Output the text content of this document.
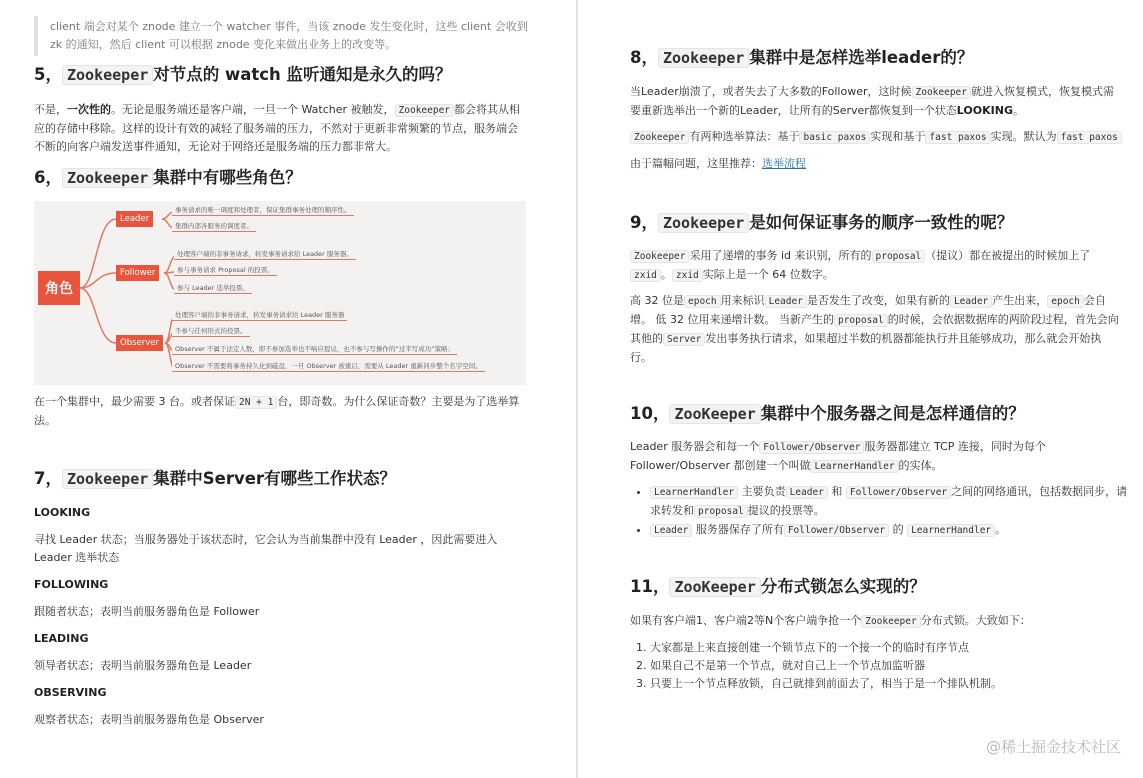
client 端会对某个 znode 建立一个 watcher 事件，当该 znode 发生变化时，这些 client 会收到 zk 的通知，然后 client 可以根据 znode 变化来做出业务上的改变等。
5， Zookeeper 对节点的 watch 监听通知是永久的吗？

不是，一次性的。无论是服务端还是客户端，一旦一个 Watcher 被触发， Zookeeper 都会将其从相应的存储中移除。这样的设计有效的减轻了服务端的压力，不然对于更新非常频繁的节点，服务端会不断的向客户端发送事件通知，无论对于网络还是服务端的压力都非常大。

6， Zookeeper 集群中有哪些角色？
角色
Leader
Follower
Observer
事务请求的唯一调度和处理者，保证集群事务处理的顺序性。
集群内部各服务的调度者。
处理客户端的非事务请求，转发事务请求给 Leader 服务器。
参与事务请求 Proposal 的投票。
参与 Leader 选举投票。
处理客户端的非事务请求，转发事务请求给 Leader 服务器
不参与任何形式的投票。
Observer 不属于法定人数，即不参加选举也不响应提议，也不参与写操作的“过半写成功”策略；
Observer 不需要将事务持久化到磁盘，一旦 Observer 被重启，需要从 Leader 重新同步整个名字空间。

在一个集群中，最少需要 3 台。或者保证 2N + 1 台，即奇数。为什么保证奇数？主要是为了选举算法。

7， Zookeeper 集群中Server有哪些工作状态？
LOOKING

寻找 Leader 状态；当服务器处于该状态时，它会认为当前集群中没有 Leader ，因此需要进入 Leader 选举状态

FOLLOWING

跟随者状态；表明当前服务器角色是 Follower

LEADING

领导者状态；表明当前服务器角色是 Leader

OBSERVING

观察者状态；表明当前服务器角色是 Observer

8， Zookeeper 集群中是怎样选举leader的？

当Leader崩溃了，或者失去了大多数的Follower，这时候 Zookeeper 就进入恢复模式，恢复模式需要重新选举出一个新的Leader，让所有的Server都恢复到一个状态LOOKING。

Zookeeper 有两种选举算法：基于 basic paxos 实现和基于 fast paxos 实现。默认为 fast paxos

由于篇幅问题，这里推荐：选举流程

9， Zookeeper 是如何保证事务的顺序一致性的呢？

Zookeeper 采用了递增的事务 id 来识别，所有的 proposal （提议）都在被提出的时候加上了zxid 。 zxid 实际上是一个 64 位数字。

高 32 位是 epoch 用来标识 Leader 是否发生了改变，如果有新的 Leader 产生出来， epoch 会自增。 低 32 位用来递增计数。 当新产生的 proposal 的时候，会依据数据库的两阶段过程，首先会向其他的 Server 发出事务执行请求，如果超过半数的机器都能执行并且能够成功，那么就会开始执行。

10， ZooKeeper 集群中个服务器之间是怎样通信的？

Leader 服务器会和每一个 Follower/Observer 服务器都建立 TCP 连接，同时为每个Follower/Observer 都创建一个叫做 LearnerHandler 的实体。

• LearnerHandler 主要负责 Leader 和 Follower/Observer 之间的网络通讯，包括数据同步，请求转发和 proposal 提议的投票等。
• Leader 服务器保存了所有 Follower/Observer 的 LearnerHandler 。
11， ZooKeeper 分布式锁怎么实现的？

如果有客户端1、客户端2等N个客户端争抢一个 Zookeeper 分布式锁。大致如下：

1. 大家都是上来直接创建一个锁节点下的一个接一个的临时有序节点
2. 如果自己不是第一个节点，就对自己上一个节点加监听器
3. 只要上一个节点释放锁，自己就排到前面去了，相当于是一个排队机制。
@稀土掘金技术社区
